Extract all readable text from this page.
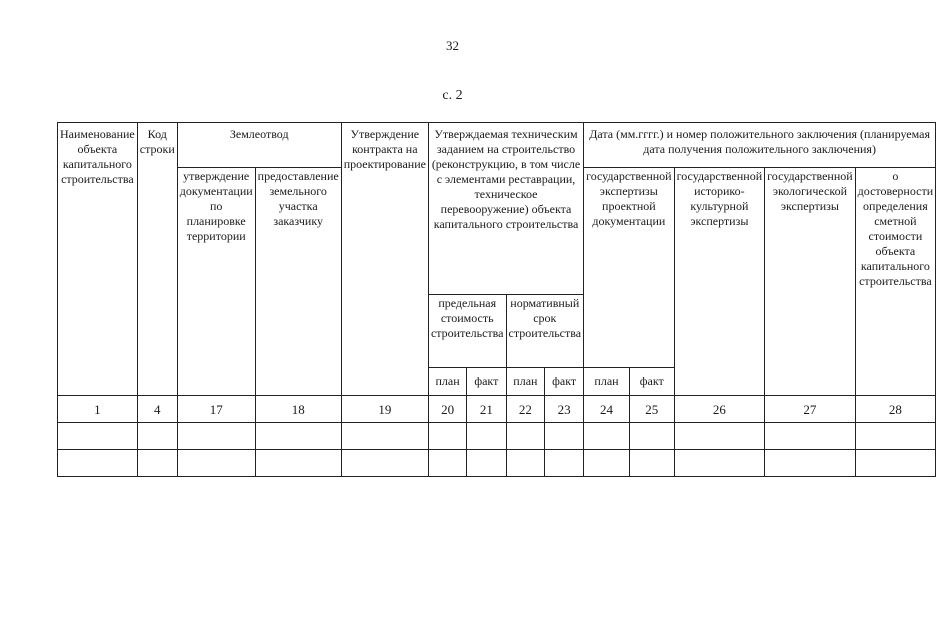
32
с. 2
Наименование объекта капитального строительства	Код строки	Землеотвод		Утверждение контракта на проектирование	Утверждаемая техническим заданием на строительство (реконструкцию, в том числе с элементами реставрации, техническое перевооружение) объекта капитального строительства				Дата (мм.гггг.) и номер положительного заключения (планируемая дата получения положительного заключения)				
		утверждение документации по планировке территории	предоставление земельного участка заказчику						государственной экспертизы проектной документации		государственной историко-культурной экспертизы	государственной экологической экспертизы	о достоверности определения сметной стоимости объекта капитального строительства
					предельная стоимость строительства		нормативный срок строительства						
					план	факт	план	факт	план	факт			
1	4	17	18	19	20	21	22	23	24	25	26	27	28
